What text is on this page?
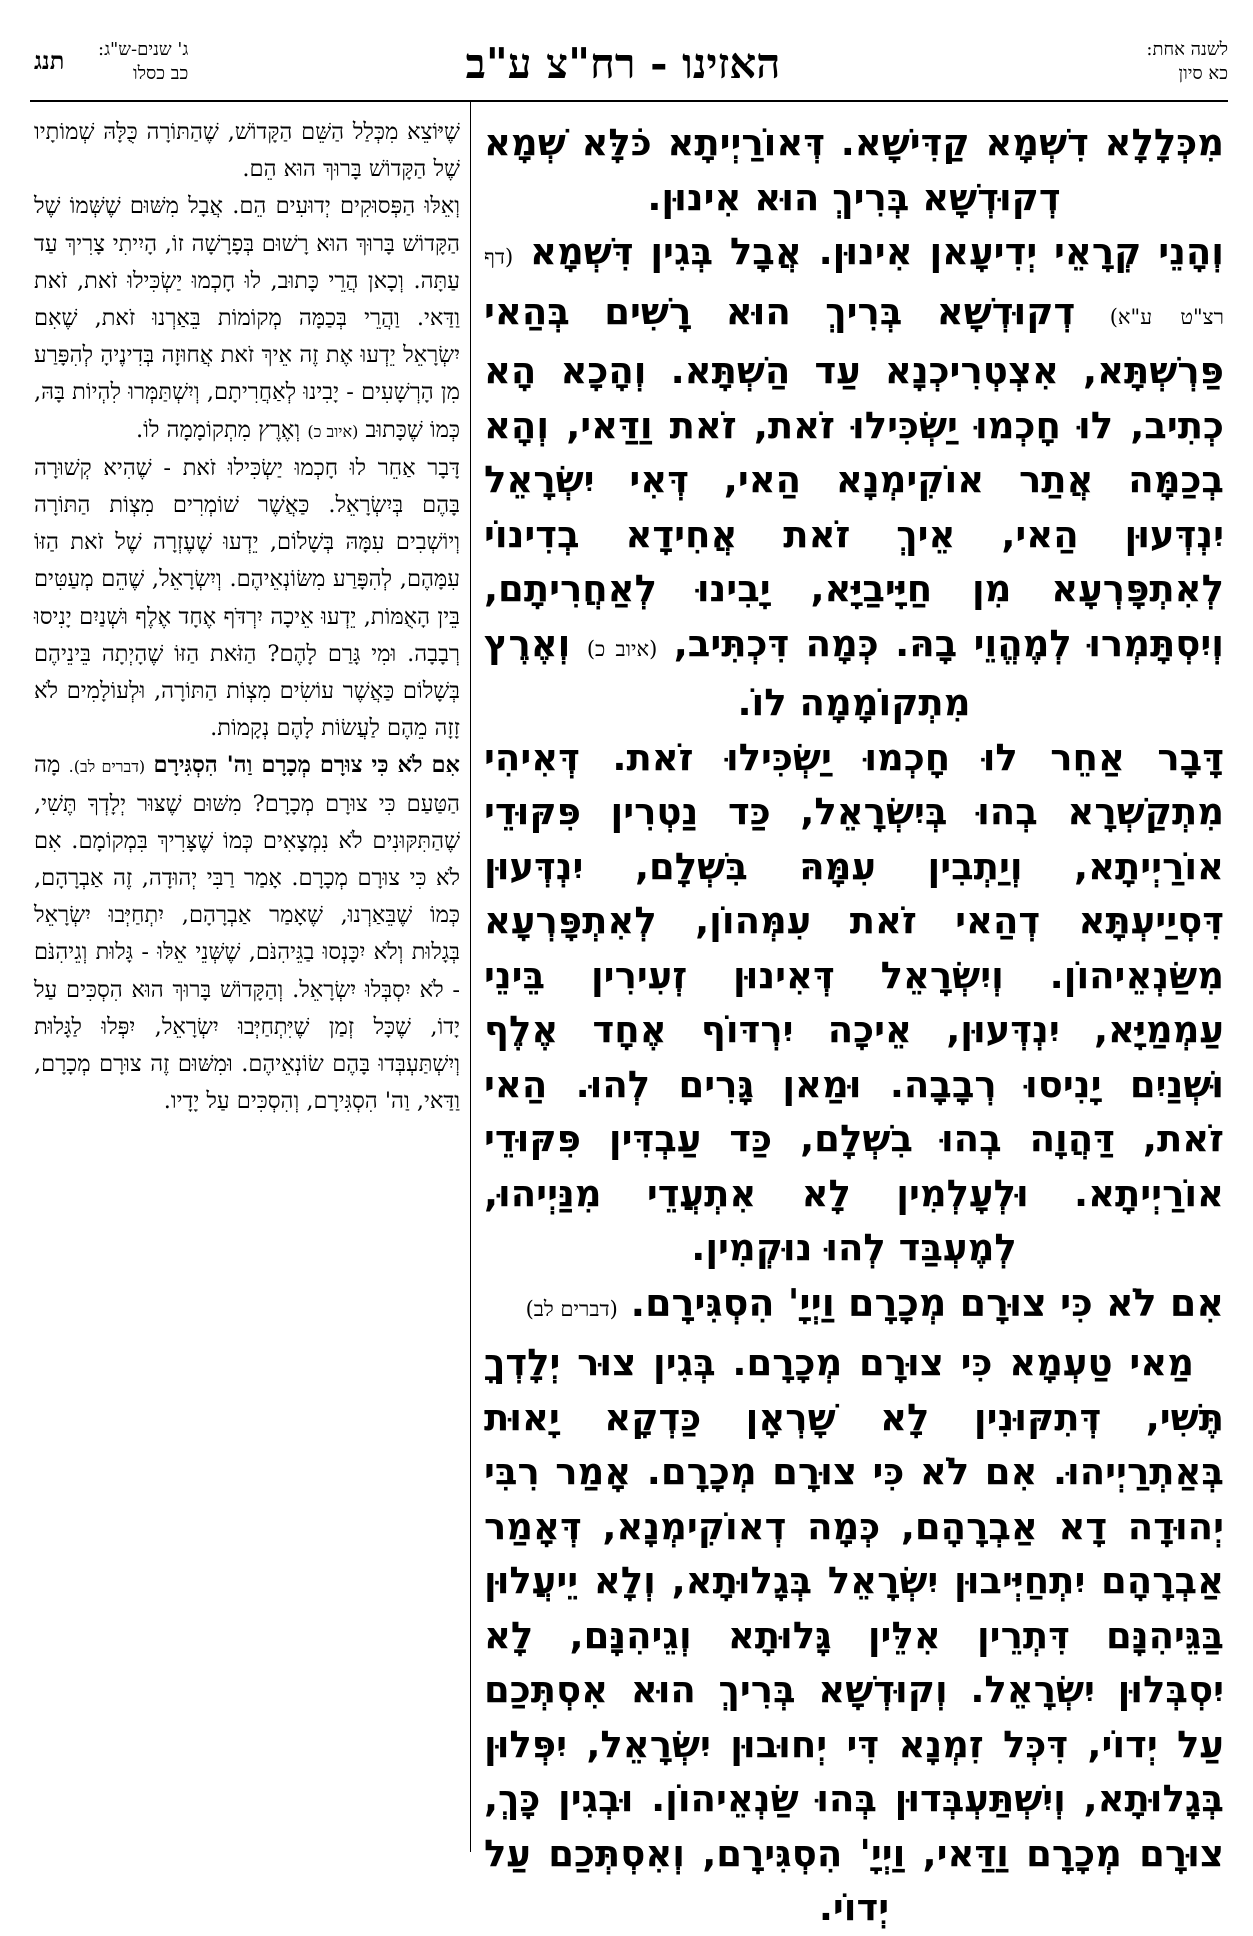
לשנה אחת:
כא סיון
האזינו - רח"צ ע"ב
ג' שנים-ש"ג:
כב כסלו
תנג

מִכְּלָלָא דִשְׁמָא קַדִּישָׁא. דְּאוֹרַיְיתָא כֹּלָּא שְׁמָא דְקוּדְשָׁא בְּרִיךְ הוּא אִינוּן.

וְהָנֵי קְרָאֵי יְדִיעָאן אִינוּן. אֲבָל בְּגִין דִּשְׁמָא (דף רצ"ט ע"א) דְקוּדְשָׁא בְּרִיךְ הוּא רָשִׁים בְּהַאי פַּרְשְׁתָּא, אִצְטְרִיכְנָא עַד הַשְׁתָּא. וְהָכָא הָא כְתִיב, לוּ חָכְמוּ יַשְׂכִּילוּ זֹאת, זֹאת וַדַּאי, וְהָא בְכַמָּה אֲתַר אוֹקִימְנָא הַאי, דְּאִי יִשְׂרָאֵל יִנְדְּעוּן הַאי, אֵיךְ זֹאת אֲחִידָא בְדִינוֹי לְאִתְפָּרְעָא מִן חַיָּיבַיָּא, יָבִינוּ לְאַחֲרִיתָם, וְיִסְתָּמְרוּ לְמֶהֱוֵי בָהּ. כְּמָה דִּכְתִּיב, (איוב כ) וְאֶרֶץ מִתְקוֹמָמָה לוֹ.

דָּבָר אַחֵר לוּ חָכְמוּ יַשְׂכִּילוּ זֹאת. דְּאִיהִי מִתְקַשְׁרָא בְהוּ בְּיִשְׂרָאֵל, כַּד נַטְרִין פִּקּוּדֵי אוֹרַיְיתָא, וְיַתְבִין עִמָּהּ בִּשְׁלָם, יִנְדְּעוּן דִּסְיַיעְתָּא דְהַאי זֹאת עִמְּהוֹן, לְאִתְפָּרְעָא מִשַּׂנְאֵיהוֹן. וְיִשְׂרָאֵל דְּאִינוּן זְעִירִין בֵּינֵי עַמְמַיָּא, יִנְדְּעוּן, אֵיכָה יִרְדּוֹף אֶחָד אֶלֶף וּשְׁנַיִם יָנִיסוּ רְבָבָה. וּמַאן גָּרִים לְהוּ. הַאי זֹאת, דַּהֲוָה בְהוּ בִשְׁלָם, כַּד עַבְדִּין פִּקּוּדֵי אוֹרַיְיתָא. וּלְעָלְמִין לָא אִתְעֲדֵי מִנַּיְיהוּ, לְמֶעְבַּד לְהוּ נוּקְמִין.

אִם לֹא כִּי צוּרָם מְכָרָם וַיְיָ' הִסְגִּירָם. (דברים לב)

מַאי טַעְמָא כִּי צוּרָם מְכָרָם. בְּגִין צוּר יְלָדְךָ תֶּשִׁי, דְּתִקּוּנִין לָא שָׁרְאָן כַּדְקָא יָאוּת בְּאַתְרַיְיהוּ. אִם לֹא כִּי צוּרָם מְכָרָם. אָמַר רִבִּי יְהוּדָה דָא אַבְרָהָם, כְּמָה דְאוֹקִימְנָא, דְּאָמַר אַבְרָהָם יִתְחַיְּיבוּן יִשְׂרָאֵל בְּגָלוּתָא, וְלָא יֵיעֲלוּן בַּגֵּיהִנָּם דִּתְרֵין אִלֵּין גָּלוּתָא וְגֵיהִנָּם, לָא יִסְבְּלוּן יִשְׂרָאֵל. וְקוּדְשָׁא בְּרִיךְ הוּא אִסְתְּכַם עַל יְדוֹי, דִּכְּל זִמְנָא דִּי יְחוּבוּן יִשְׂרָאֵל, יִפְּלוּן בְּגָלוּתָא, וְיִשְׁתַּעְבְּדוּן בְּהוּ שַׂנְאֵיהוֹן. וּבְגִין כָּךְ, צוּרָם מְכָרָם וַדַּאי, וַיְיָ' הִסְגִּירָם, וְאִסְתְּכַם עַל יְדוֹי.

שֶׁיּוֹצֵא מִכְּלַל הַשֵּׁם הַקָּדוֹשׁ, שֶׁהַתּוֹרָה כֻּלָּהּ שְׁמוֹתָיו שֶׁל הַקָּדוֹשׁ בָּרוּךְ הוּא הֵם.

וְאֵלּוּ הַפְּסוּקִים יְדוּעִים הֵם. אֲבָל מִשּׁוּם שֶׁשְּׁמוֹ שֶׁל הַקָּדוֹשׁ בָּרוּךְ הוּא רָשׁוּם בְּפָרָשָׁה זוֹ, הָיִיתִי צָרִיךְ עַד עַתָּה. וְכָאן הֲרֵי כָּתוּב, לוּ חָכְמוּ יַשְׂכִּילוּ זֹאת, זֹאת וַדַּאי. וַהֲרֵי בְּכַמָּה מְקוֹמוֹת בֵּאַרְנוּ זֹאת, שֶׁאִם יִשְׂרָאֵל יֵדְעוּ אֶת זֶה אֵיךְ זֹאת אֲחוּזָה בְּדִינֶיהָ לְהִפָּרַע מִן הָרְשָׁעִים - יָבִינוּ לְאַחֲרִיתָם, וְיִשְׁתַּמְּרוּ לִהְיוֹת בָּהּ, כְּמוֹ שֶׁכָּתוּב (איוב כ) וְאֶרֶץ מִתְקוֹמָמָה לוֹ.

דָּבָר אַחֵר לוּ חָכְמוּ יַשְׂכִּילוּ זֹאת - שֶׁהִיא קְשׁוּרָה בָּהֶם בְּיִשְׂרָאֵל. כַּאֲשֶׁר שׁוֹמְרִים מִצְוֹת הַתּוֹרָה וְיוֹשְׁבִים עִמָּהּ בְּשָׁלוֹם, יֵדְעוּ שֶׁעֶזְרָה שֶׁל זֹאת הַזּוֹ עִמָּהֶם, לְהִפָּרַע מִשּׂוֹנְאֵיהֶם. וְיִשְׂרָאֵל, שֶׁהֵם מְעַטִּים בֵּין הָאֻמּוֹת, יֵדְעוּ אֵיכָה יִרְדֹּף אֶחָד אֶלֶף וּשְׁנַיִם יָנִיסוּ רְבָבָה. וּמִי גָּרַם לָהֶם? הַזֹּאת הַזּוֹ שֶׁהָיְתָה בֵּינֵיהֶם בְּשָׁלוֹם כַּאֲשֶׁר עוֹשִׂים מִצְוֹת הַתּוֹרָה, וּלְעוֹלָמִים לֹא זָזָה מֵהֶם לַעֲשׂוֹת לָהֶם נְקָמוֹת.

אִם לֹא כִּי צוּרָם מְכָרָם וַה' הִסְגִּירָם (דברים לב). מָה הַטַּעַם כִּי צוּרָם מְכָרָם? מִשּׁוּם שֶׁצּוּר יְלָדְךָ תֶּשִׁי, שֶׁהַתִּקּוּנִים לֹא נִמְצָאִים כְּמוֹ שֶׁצָּרִיךְ בִּמְקוֹמָם. אִם לֹא כִּי צוּרָם מְכָרָם. אָמַר רַבִּי יְהוּדָה, זֶה אַבְרָהָם, כְּמוֹ שֶׁבֵּאַרְנוּ, שֶׁאָמַר אַבְרָהָם, יִתְחַיְּבוּ יִשְׂרָאֵל בְּגָלוּת וְלֹא יִכָּנְסוּ בַגֵּיהִנֹּם, שֶׁשְּׁנֵי אֵלּוּ - גָּלוּת וְגֵיהִנֹּם - לֹא יִסְבְּלוּ יִשְׂרָאֵל. וְהַקָּדוֹשׁ בָּרוּךְ הוּא הִסְכִּים עַל יָדוֹ, שֶׁכָּל זְמַן שֶׁיִּתְחַיְּבוּ יִשְׂרָאֵל, יִפְּלוּ לַגָּלוּת וְיִשְׁתַּעְבְּדוּ בָּהֶם שׂוֹנְאֵיהֶם. וּמִשּׁוּם זֶה צוּרָם מְכָרָם, וַדַּאי, וַה' הִסְגִּירָם, וְהִסְכִּים עַל יָדָיו.
